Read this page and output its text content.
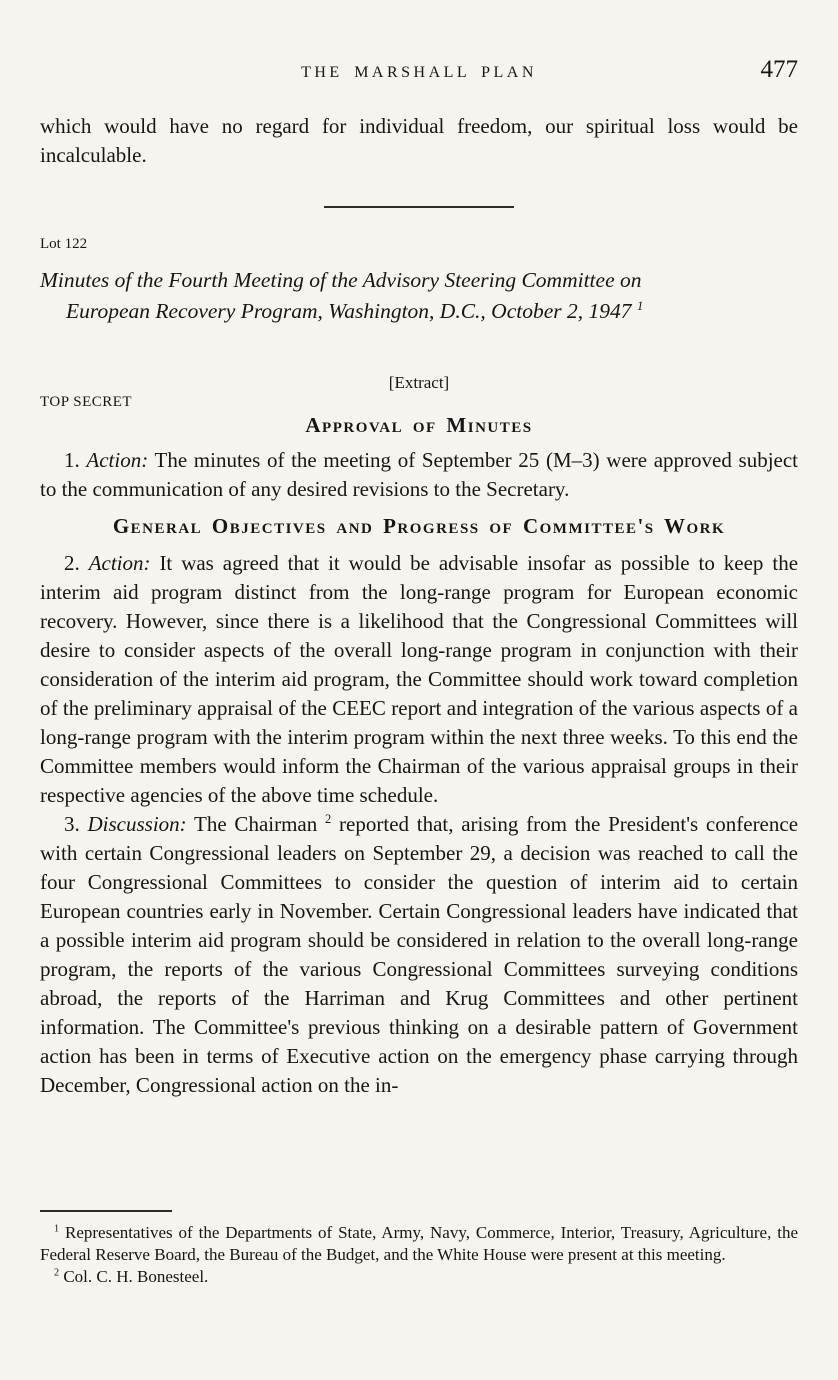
THE MARSHALL PLAN	477

which would have no regard for individual freedom, our spiritual loss would be incalculable.

Lot 122
Minutes of the Fourth Meeting of the Advisory Steering Committee on
European Recovery Program, Washington, D.C., October 2, 1947 $^1$
[Extract]
TOP SECRET
Approval of Minutes

1. Action: The minutes of the meeting of September 25 (M–3) were approved subject to the communication of any desired revisions to the Secretary.

General Objectives and Progress of Committee's Work

2. Action: It was agreed that it would be advisable insofar as possible to keep the interim aid program distinct from the long-range program for European economic recovery. However, since there is a likelihood that the Congressional Committees will desire to consider aspects of the overall long-range program in conjunction with their consideration of the interim aid program, the Committee should work toward completion of the preliminary appraisal of the CEEC report and integration of the various aspects of a long-range program with the interim program within the next three weeks. To this end the Committee members would inform the Chairman of the various appraisal groups in their respective agencies of the above time schedule.

3. Discussion: The Chairman $^2$ reported that, arising from the President's conference with certain Congressional leaders on September 29, a decision was reached to call the four Congressional Committees to consider the question of interim aid to certain European countries early in November. Certain Congressional leaders have indicated that a possible interim aid program should be considered in relation to the overall long-range program, the reports of the various Congressional Committees surveying conditions abroad, the reports of the Harriman and Krug Committees and other pertinent information. The Committee's previous thinking on a desirable pattern of Government action has been in terms of Executive action on the emergency phase carrying through December, Congressional action on the in-

$^1$ Representatives of the Departments of State, Army, Navy, Commerce, Interior, Treasury, Agriculture, the Federal Reserve Board, the Bureau of the Budget, and the White House were present at this meeting.

$^2$ Col. C. H. Bonesteel.
